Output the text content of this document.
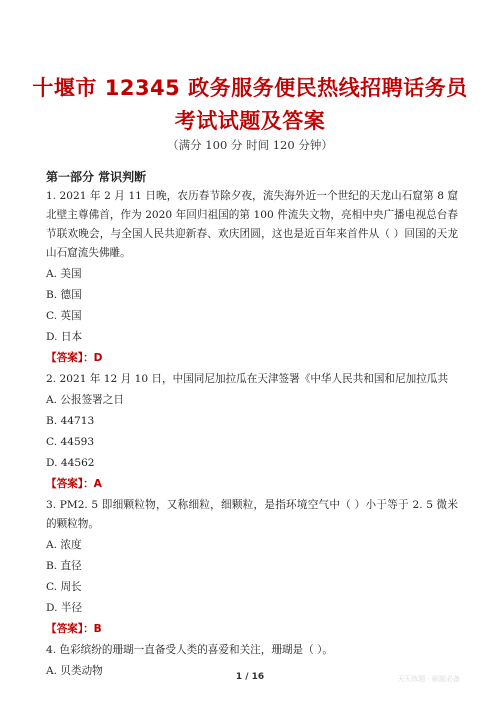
十堰市 12345 政务服务便民热线招聘话务员考试试题及答案
（满分 100 分 时间 120 分钟）
第一部分 常识判断

1. 2021 年 2 月 11 日晚，农历春节除夕夜，流失海外近一个世纪的天龙山石窟第 8 窟北壁主尊佛首，作为 2020 年回归祖国的第 100 件流失文物，亮相中央广播电视总台春节联欢晚会，与全国人民共迎新春、欢庆团圆，这也是近百年来首件从（ ）回国的天龙山石窟流失佛雕。

A. 美国

B. 德国

C. 英国

D. 日本

【答案】：D

2. 2021 年 12 月 10 日，中国同尼加拉瓜在天津签署《中华人民共和国和尼加拉瓜共

A. 公报签署之日

B. 44713

C. 44593

D. 44562

【答案】：A

3. PM2. 5 即细颗粒物，又称细粒，细颗粒，是指环境空气中（ ）小于等于 2. 5 微米的颗粒物。

A. 浓度

B. 直径

C. 周长

D. 半径

【答案】：B

4. 色彩缤纷的珊瑚一直备受人类的喜爱和关注，珊瑚是（ ）。

A. 贝类动物	1 / 16	天天练题 · 刷题必备
